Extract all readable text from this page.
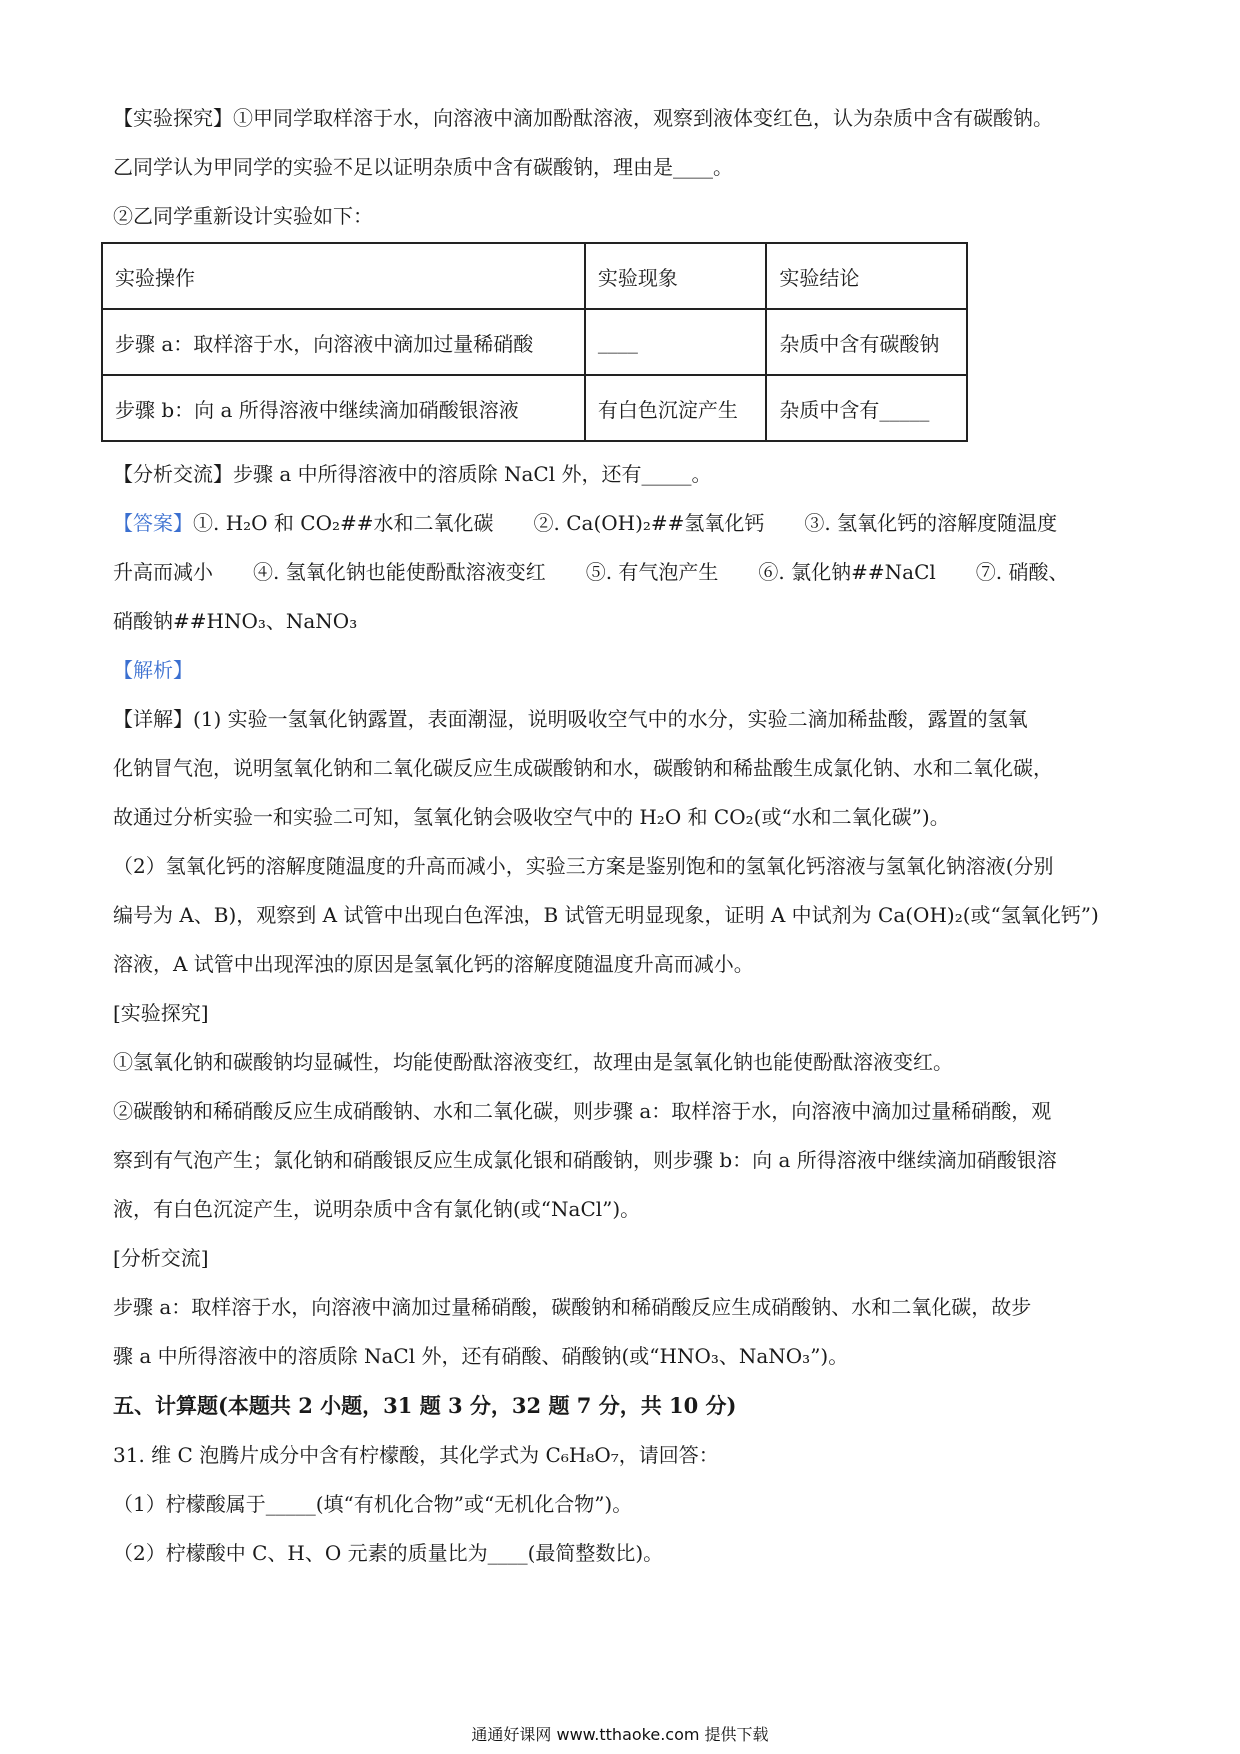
【实验探究】①甲同学取样溶于水，向溶液中滴加酚酞溶液，观察到液体变红色，认为杂质中含有碳酸钠。
乙同学认为甲同学的实验不足以证明杂质中含有碳酸钠，理由是____。
②乙同学重新设计实验如下：
实验操作	实验现象	实验结论
步骤 a：取样溶于水，向溶液中滴加过量稀硝酸	____	杂质中含有碳酸钠
步骤 b：向 a 所得溶液中继续滴加硝酸银溶液	有白色沉淀产生	杂质中含有_____
【分析交流】步骤 a 中所得溶液中的溶质除 NaCl 外，还有_____。
【答案】①. H₂O 和 CO₂##水和二氧化碳　　②. Ca(OH)₂##氢氧化钙　　③. 氢氧化钙的溶解度随温度
升高而减小　　④. 氢氧化钠也能使酚酞溶液变红　　⑤. 有气泡产生　　⑥. 氯化钠##NaCl　　⑦. 硝酸、
硝酸钠##HNO₃、NaNO₃
【解析】
【详解】(1) 实验一氢氧化钠露置，表面潮湿，说明吸收空气中的水分，实验二滴加稀盐酸，露置的氢氧
化钠冒气泡，说明氢氧化钠和二氧化碳反应生成碳酸钠和水，碳酸钠和稀盐酸生成氯化钠、水和二氧化碳，
故通过分析实验一和实验二可知，氢氧化钠会吸收空气中的 H₂O 和 CO₂(或“水和二氧化碳”)。
（2）氢氧化钙的溶解度随温度的升高而减小，实验三方案是鉴别饱和的氢氧化钙溶液与氢氧化钠溶液(分别
编号为 A、B)，观察到 A 试管中出现白色浑浊，B 试管无明显现象，证明 A 中试剂为 Ca(OH)₂(或“氢氧化钙”)
溶液，A 试管中出现浑浊的原因是氢氧化钙的溶解度随温度升高而减小。
[实验探究]
①氢氧化钠和碳酸钠均显碱性，均能使酚酞溶液变红，故理由是氢氧化钠也能使酚酞溶液变红。
②碳酸钠和稀硝酸反应生成硝酸钠、水和二氧化碳，则步骤 a：取样溶于水，向溶液中滴加过量稀硝酸，观
察到有气泡产生；氯化钠和硝酸银反应生成氯化银和硝酸钠，则步骤 b：向 a 所得溶液中继续滴加硝酸银溶
液，有白色沉淀产生，说明杂质中含有氯化钠(或“NaCl”)。
[分析交流]
步骤 a：取样溶于水，向溶液中滴加过量稀硝酸，碳酸钠和稀硝酸反应生成硝酸钠、水和二氧化碳，故步
骤 a 中所得溶液中的溶质除 NaCl 外，还有硝酸、硝酸钠(或“HNO₃、NaNO₃”)。
五、计算题(本题共 2 小题，31 题 3 分，32 题 7 分，共 10 分)
31. 维 C 泡腾片成分中含有柠檬酸，其化学式为 C₆H₈O₇，请回答：
（1）柠檬酸属于_____(填“有机化合物”或“无机化合物”)。
（2）柠檬酸中 C、H、O 元素的质量比为____(最简整数比)。
通通好课网 www.tthaoke.com 提供下载
